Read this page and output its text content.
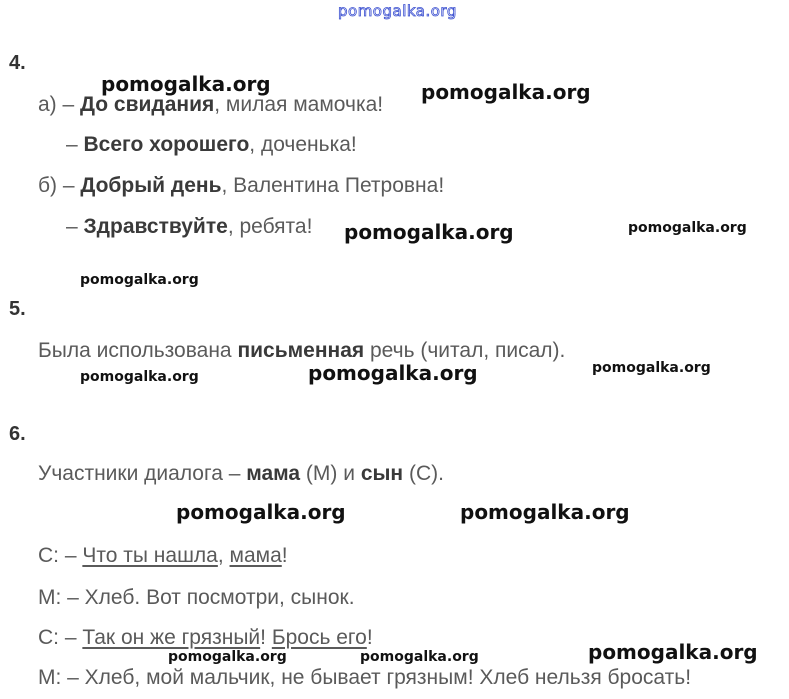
pomogalka.org
4.
а) – До свидания, милая мамочка!
– Всего хорошего, доченька!
б) – Добрый день, Валентина Петровна!
– Здравствуйте, ребята!
5.
Была использована письменная речь (читал, писал).
6.
Участники диалога – мама (М) и сын (С).
С: – Что ты нашла, мама!
М: – Хлеб. Вот посмотри, сынок.
С: – Так он же грязный! Брось его!
М: – Хлеб, мой мальчик, не бывает грязным! Хлеб нельзя бросать!
pomogalka.org	pomogalka.org
pomogalka.org	pomogalka.org
pomogalka.org
pomogalka.org	pomogalka.org	pomogalka.org
pomogalka.org	pomogalka.org
pomogalka.org	pomogalka.org	pomogalka.org
